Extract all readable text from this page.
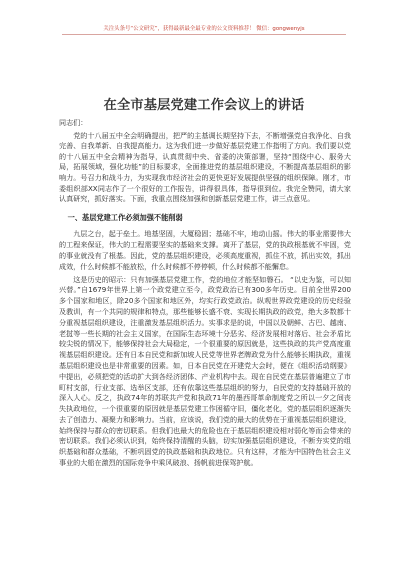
关注头条号“公文研究”，获得最新最全最专业的公文资料推荐！ 微信：gongwenyjs
在全市基层党建工作会议上的讲话

同志们：

党的十八届五中全会明确提出，把严的主基调长期坚持下去，不断增强党自我净化、自我完善、自我革新、自我提高能力。这为我们进一步做好基层党建工作指明了方向。我们要以党的十八届五中全会精神为指导，认真贯彻中央、省委的决策部署，坚持“围绕中心、服务大局，拓展领域，强化功能”的目标要求，全面推进党的基层组织建设，不断提高基层组织的影响力。号召力和战斗力，为实现我市经济社会的更快更好发展提供坚强的组织保障。刚才，市委组织部XX同志作了一个很好的工作报告，讲得很具体，指导很到位。我完全赞同，请大家认真研究，抓好落实。下面，我重点围绕加强和创新基层党建工作，讲三点意见。

一、基层党建工作必须加强不能削弱

九层之台，起于垒土。地基坚固，大厦稳固；基础不牢，地动山摇。伟大的事业需要伟大的工程来保证，伟大的工程需要坚实的基础来支撑。离开了基层，党的执政根基就不牢固，党的事业就没有了根基。因此，党的基层组织建设，必须高度重视，抓住不放，抓出实效，抓出成效，什么时候都不能放松，什么时候都不停停顿，什么时候都不能懈怠。

这是历史的昭示：只有加强基层党建工作，党的地位才能坚如磐石。 “以史为鉴，可以知兴替。”自1679年世界上第一个政党建立至今，政党政治已有300多年历史。目前全世界200多个国家和地区，除20多个国家和地区外，均实行政党政治。纵观世界政党建设的历史经验及教训，有一个共同的规律和特点，那些能够长盛不衰、实现长期执政的政党，绝大多数都十分重视基层组织建设，注重激发基层组织活力。实事求是的说，中国以及朝鲜、古巴、越南、老挝等一些长期的社会主义国家，在国际生态环境十分恶劣、经济发展相对落后、社会矛盾比较尖锐的情况下，能够保持社会大局稳定，一个很重要的原因就是，这些执政的共产党高度重视基层组织建设。还有日本自民党和新加坡人民党等世界老牌政党为什么能够长期执政，重视基层组织建设也是非常重要的因素。如，日本自民党在开建党大会时，便在《组织活动纲要》中提出，必须把党的活动扩大到各经济团体、产业机构中去。现在自民党在基层普遍建立了市町村支部，行业支部、选举区支部，还有依靠这些基层组织的努力，自民党的支持基础开放的深入人心。反之，执政74年的苏联共产党和执政71年的墨西哥革命制度党之所以一夕之间丧失执政地位，一个很重要的原因就是基层党建工作困循守旧，僵化老化，党的基层组织逐渐失去了创造力、凝聚力和影响力。当前，应该说，我们党的最大的优势在于重视基层组织建设，始终保持与群众的密切联系。但我们也最大的危险也在于基层组织建设相对弱化等而会带来的密切联系。我们必须认识到，始终保持清醒的头脑，切实加强基层组织建设，不断夯实党的组织基础和群众基础，不断巩固党的执政基础和执政地位。只有这样，才能为中国特色社会主义事业的大船在激烈的国际竞争中乘风破浪、扬帆前进保驾护航。
